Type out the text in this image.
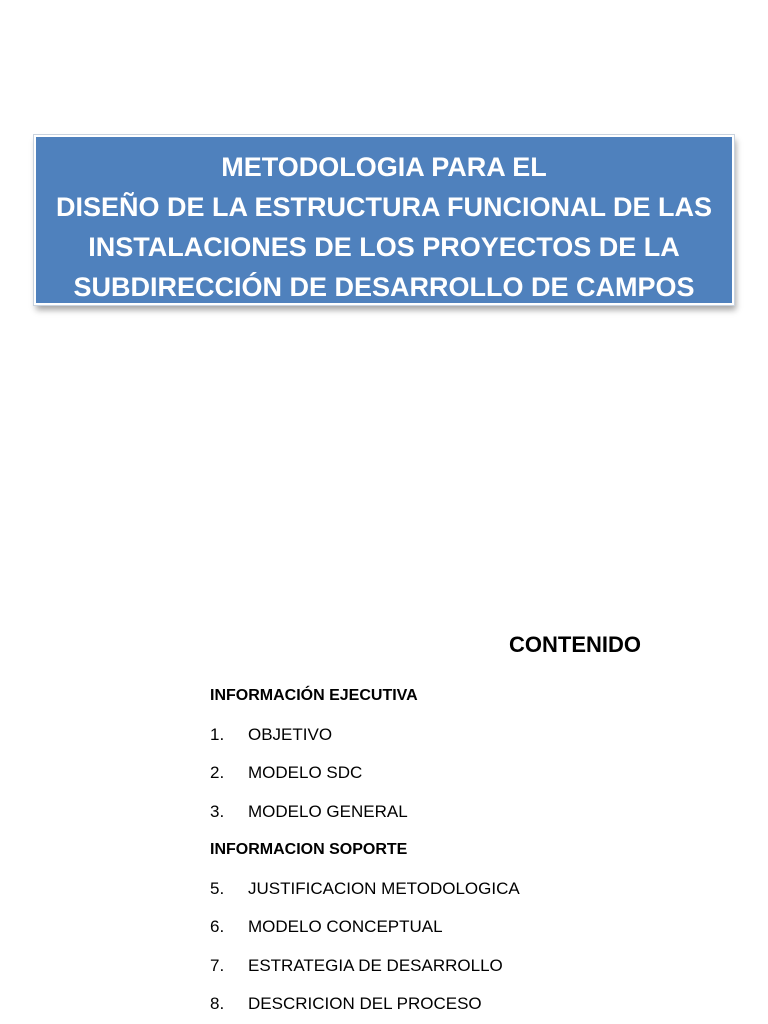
METODOLOGIA PARA EL
DISEÑO DE LA ESTRUCTURA FUNCIONAL DE LAS
INSTALACIONES DE LOS PROYECTOS DE LA
SUBDIRECCIÓN DE DESARROLLO DE CAMPOS
CONTENIDO
INFORMACIÓN EJECUTIVA
1.	OBJETIVO
2.	MODELO SDC
3.	MODELO GENERAL
INFORMACION SOPORTE
5.	JUSTIFICACION METODOLOGICA
6.	MODELO CONCEPTUAL
7.	ESTRATEGIA DE DESARROLLO
8.	DESCRICION DEL PROCESO
